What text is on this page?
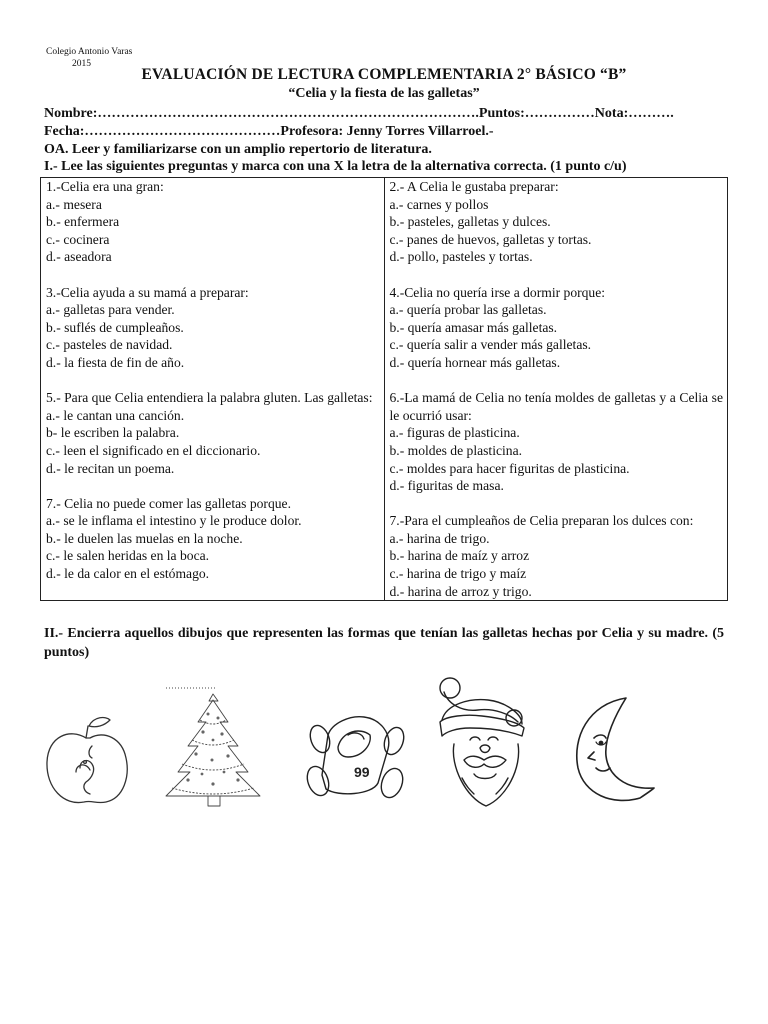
Colegio Antonio Varas
2015
EVALUACIÓN DE LECTURA COMPLEMENTARIA 2° BÁSICO “B”
“Celia y la fiesta de las galletas”
Nombre:……………………………………………………………………….Puntos:……………Nota:……….
Fecha:……………………………………Profesora: Jenny Torres Villarroel.-
OA. Leer y familiarizarse con un amplio repertorio de literatura.
I.- Lee las siguientes preguntas y marca con una X la letra de la alternativa correcta. (1 punto c/u)

1.-Celia era una gran:

a.- mesera

b.- enfermera

c.- cocinera

d.- aseadora

3.-Celia ayuda a su mamá a preparar:

a.- galletas para vender.

b.- suflés de cumpleaños.

c.- pasteles de navidad.

d.- la fiesta de fin de año.

5.- Para que Celia entendiera la palabra gluten. Las galletas:

a.- le cantan una canción.

b- le escriben la palabra.

c.- leen el significado en el diccionario.

d.- le recitan un poema.

7.- Celia no puede comer las galletas porque.

a.- se le inflama el intestino y le produce dolor.

b.- le duelen las muelas en la noche.

c.- le salen heridas en la boca.

d.- le da calor en el estómago.

2.- A Celia le gustaba preparar:

a.- carnes y pollos

b.- pasteles, galletas y dulces.

c.- panes de huevos, galletas y tortas.

d.- pollo, pasteles y tortas.

4.-Celia no quería irse a dormir porque:

a.- quería probar las galletas.

b.- quería amasar más galletas.

c.- quería salir a vender más galletas.

d.- quería hornear más galletas.

6.-La mamá de Celia no tenía moldes de galletas y a Celia se le ocurrió usar:

a.- figuras de plasticina.

b.- moldes de plasticina.

c.- moldes para hacer figuritas de plasticina.

d.- figuritas de masa.

7.-Para el cumpleaños de Celia preparan los dulces con:

a.- harina de trigo.

b.- harina de maíz y arroz

c.- harina de trigo y maíz

d.- harina de arroz y trigo.

II.- Encierra aquellos dibujos que representen las formas que tenían las galletas hechas por Celia y su madre. (5 puntos)
99
